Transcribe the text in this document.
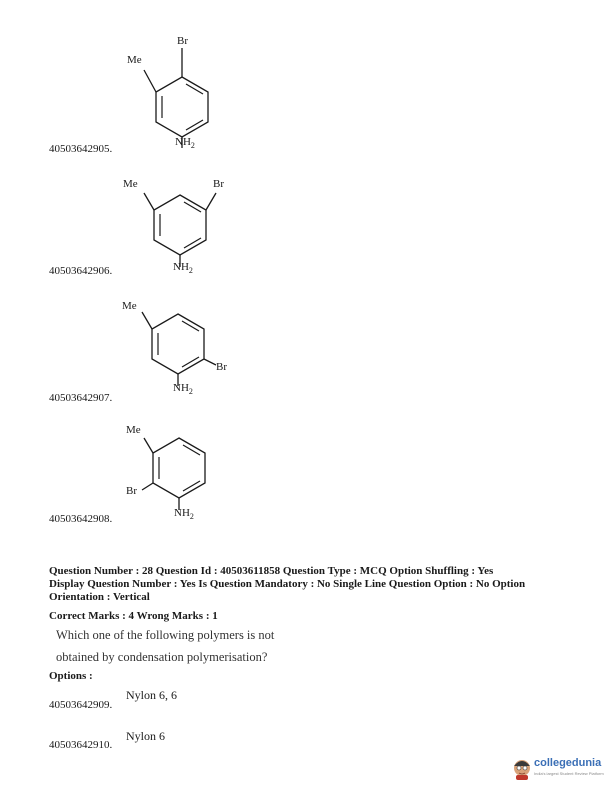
Br
Me
$NH_2$
40503642905.
Me	Br
$NH_2$
40503642906.
Me
Br
$NH_2$
40503642907.
Me
Br
$NH_2$
40503642908.
Question Number : 28 Question Id : 40503611858 Question Type : MCQ Option Shuffling : Yes
Display Question Number : Yes Is Question Mandatory : No Single Line Question Option : No Option
Orientation : Vertical
Correct Marks : 4 Wrong Marks : 1
Which one of the following polymers is not
obtained by condensation polymerisation?
Options :
40503642909.
Nylon 6, 6
40503642910.
Nylon 6
collegedunia
India's largest Student Review Platform
